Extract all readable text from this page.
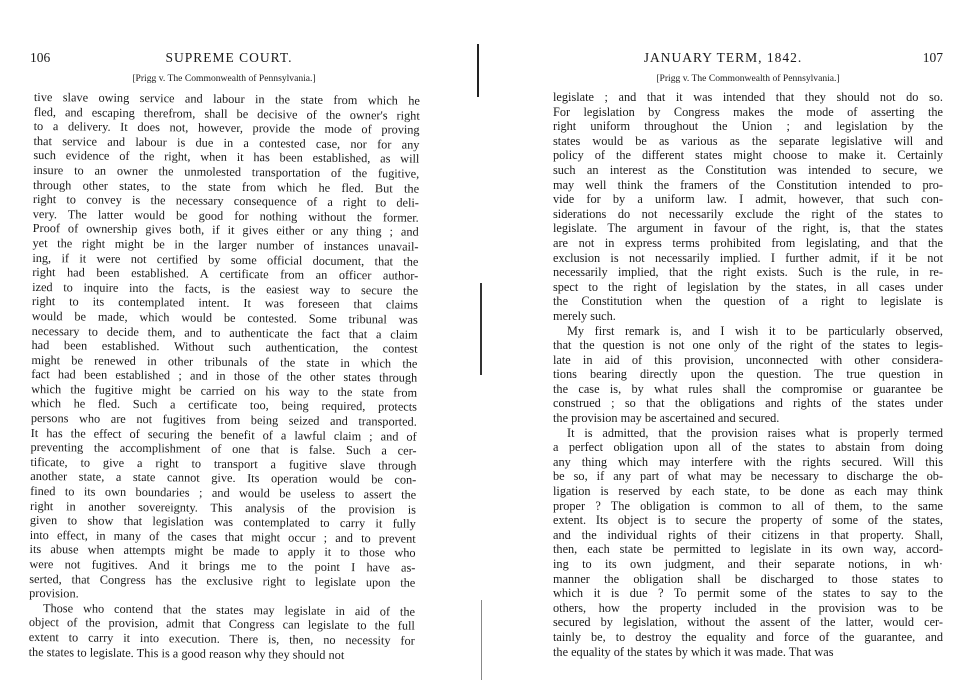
106	SUPREME COURT.
[Prigg v. The Commonwealth of Pennsylvania.]
tive slave owing service and labour in the state from which he
fled, and escaping therefrom, shall be decisive of the owner's right
to a delivery. It does not, however, provide the mode of proving
that service and labour is due in a contested case, nor for any
such evidence of the right, when it has been established, as will
insure to an owner the unmolested transportation of the fugitive,
through other states, to the state from which he fled. But the
right to convey is the necessary consequence of a right to deli-
very. The latter would be good for nothing without the former.
Proof of ownership gives both, if it gives either or any thing ; and
yet the right might be in the larger number of instances unavail-
ing, if it were not certified by some official document, that the
right had been established. A certificate from an officer author-
ized to inquire into the facts, is the easiest way to secure the
right to its contemplated intent. It was foreseen that claims
would be made, which would be contested. Some tribunal was
necessary to decide them, and to authenticate the fact that a claim
had been established. Without such authentication, the contest
might be renewed in other tribunals of the state in which the
fact had been established ; and in those of the other states through
which the fugitive might be carried on his way to the state from
which he fled. Such a certificate too, being required, protects
persons who are not fugitives from being seized and transported.
It has the effect of securing the benefit of a lawful claim ; and of
preventing the accomplishment of one that is false. Such a cer-
tificate, to give a right to transport a fugitive slave through
another state, a state cannot give. Its operation would be con-
fined to its own boundaries ; and would be useless to assert the
right in another sovereignty. This analysis of the provision is
given to show that legislation was contemplated to carry it fully
into effect, in many of the cases that might occur ; and to prevent
its abuse when attempts might be made to apply it to those who
were not fugitives. And it brings me to the point I have as-
serted, that Congress has the exclusive right to legislate upon the
provision.
Those who contend that the states may legislate in aid of the
object of the provision, admit that Congress can legislate to the full
extent to carry it into execution. There is, then, no necessity for
the states to legislate. This is a good reason why they should not
JANUARY TERM, 1842.	107
[Prigg v. The Commonwealth of Pennsylvania.]
legislate ; and that it was intended that they should not do so.
For legislation by Congress makes the mode of asserting the
right uniform throughout the Union ; and legislation by the
states would be as various as the separate legislative will and
policy of the different states might choose to make it. Certainly
such an interest as the Constitution was intended to secure, we
may well think the framers of the Constitution intended to pro-
vide for by a uniform law. I admit, however, that such con-
siderations do not necessarily exclude the right of the states to
legislate. The argument in favour of the right, is, that the states
are not in express terms prohibited from legislating, and that the
exclusion is not necessarily implied. I further admit, if it be not
necessarily implied, that the right exists. Such is the rule, in re-
spect to the right of legislation by the states, in all cases under
the Constitution when the question of a right to legislate is
merely such.
My first remark is, and I wish it to be particularly observed,
that the question is not one only of the right of the states to legis-
late in aid of this provision, unconnected with other considera-
tions bearing directly upon the question. The true question in
the case is, by what rules shall the compromise or guarantee be
construed ; so that the obligations and rights of the states under
the provision may be ascertained and secured.
It is admitted, that the provision raises what is properly termed
a perfect obligation upon all of the states to abstain from doing
any thing which may interfere with the rights secured. Will this
be so, if any part of what may be necessary to discharge the ob-
ligation is reserved by each state, to be done as each may think
proper ? The obligation is common to all of them, to the same
extent. Its object is to secure the property of some of the states,
and the individual rights of their citizens in that property. Shall,
then, each state be permitted to legislate in its own way, accord-
ing to its own judgment, and their separate notions, in wh·
manner the obligation shall be discharged to those states to
which it is due ? To permit some of the states to say to the
others, how the property included in the provision was to be
secured by legislation, without the assent of the latter, would cer-
tainly be, to destroy the equality and force of the guarantee, and
the equality of the states by which it was made. That was
